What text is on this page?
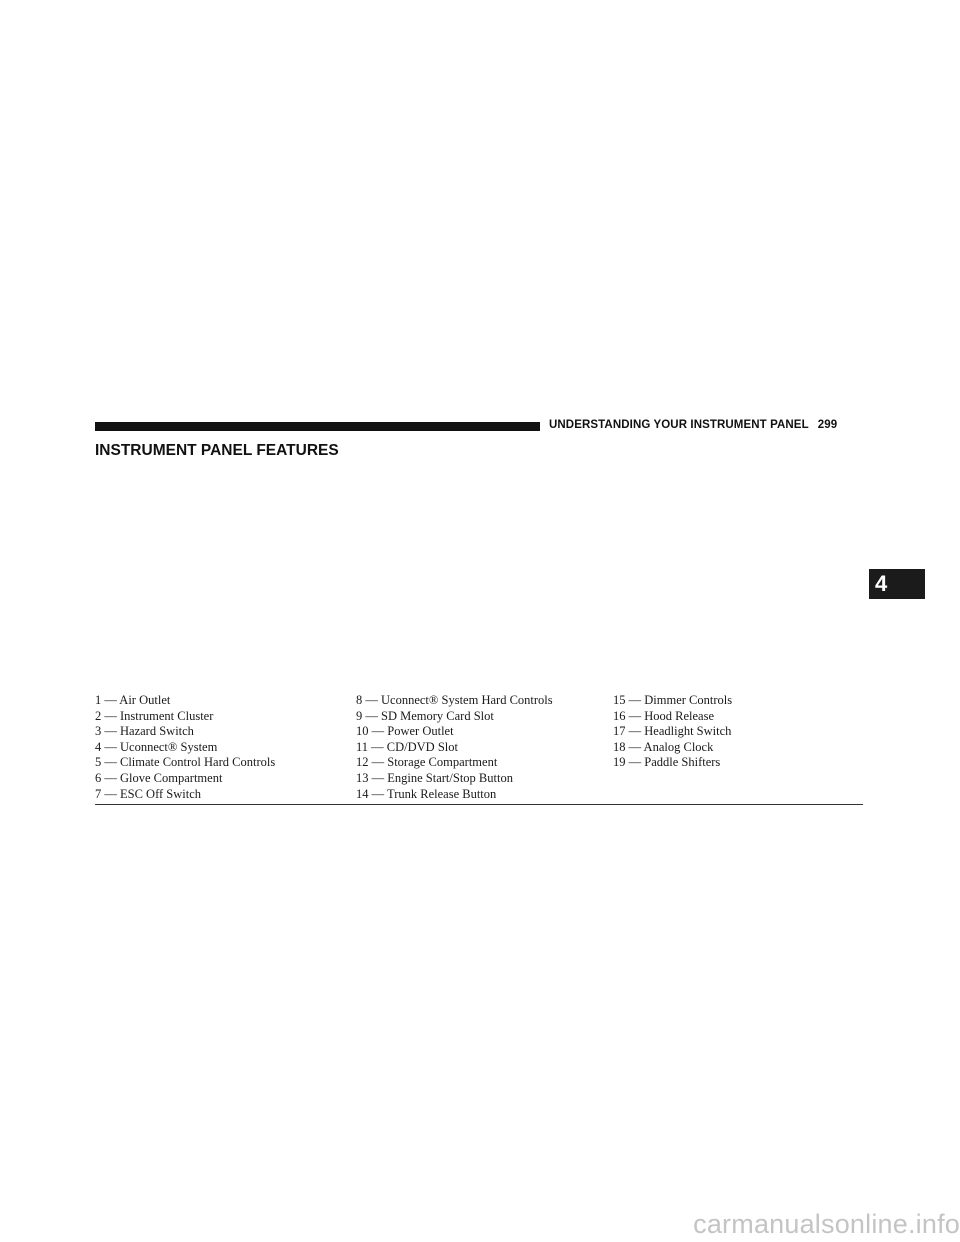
UNDERSTANDING YOUR INSTRUMENT PANEL 299
INSTRUMENT PANEL FEATURES
4
1 — Air Outlet
2 — Instrument Cluster
3 — Hazard Switch
4 — Uconnect® System
5 — Climate Control Hard Controls
6 — Glove Compartment
7 — ESC Off Switch
8 — Uconnect® System Hard Controls
9 — SD Memory Card Slot
10 — Power Outlet
11 — CD/DVD Slot
12 — Storage Compartment
13 — Engine Start/Stop Button
14 — Trunk Release Button
15 — Dimmer Controls
16 — Hood Release
17 — Headlight Switch
18 — Analog Clock
19 — Paddle Shifters
carmanualsonline.info
